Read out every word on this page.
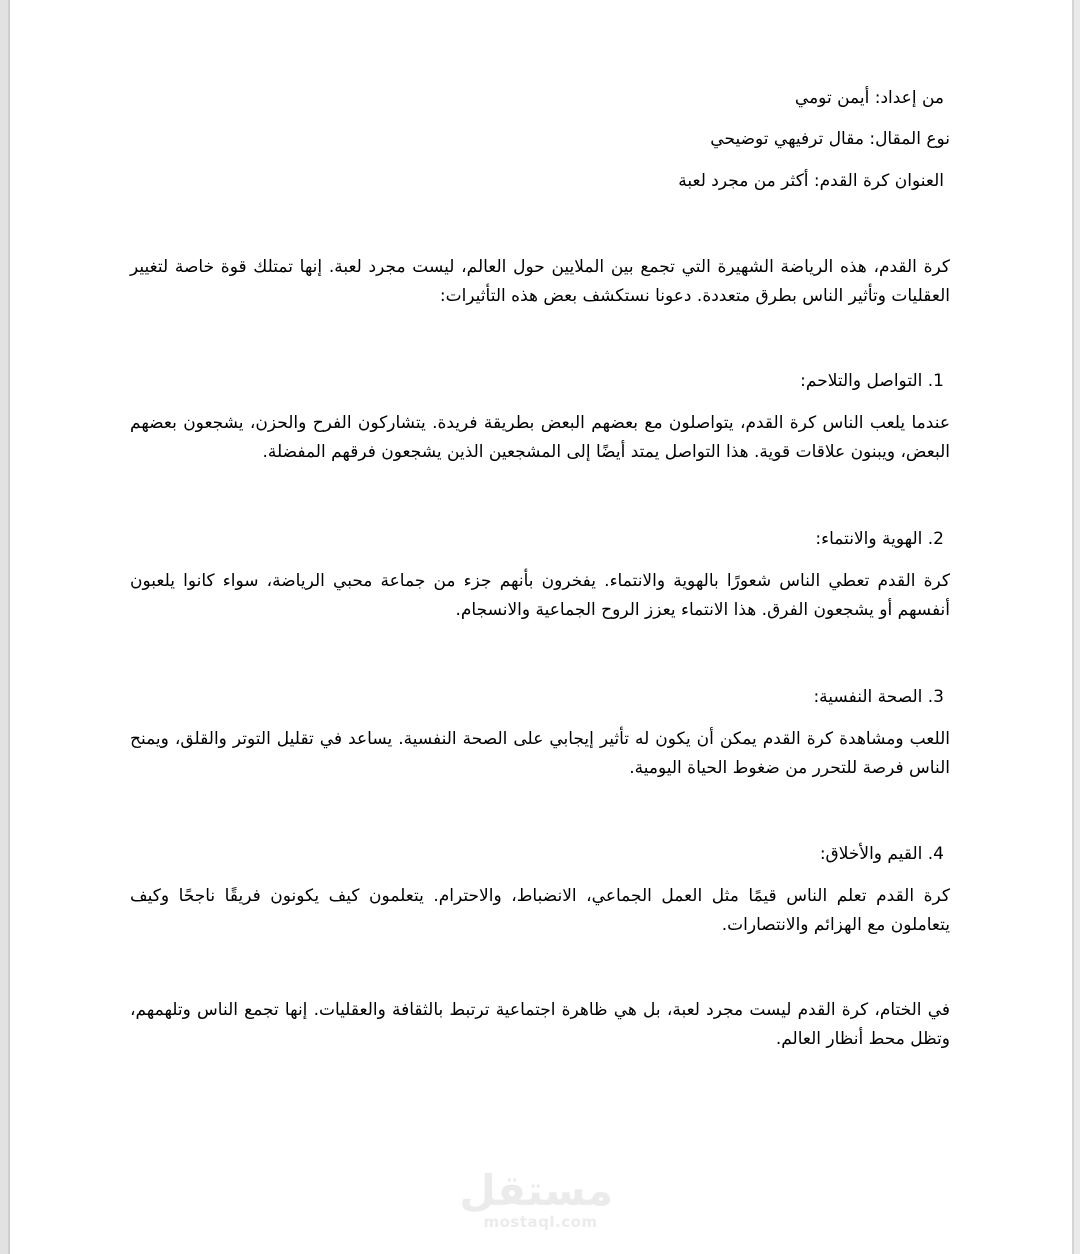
من إعداد: أيمن تومي
نوع المقال: مقال ترفيهي توضيحي
العنوان كرة القدم: أكثر من مجرد لعبة
كرة القدم، هذه الرياضة الشهيرة التي تجمع بين الملايين حول العالم، ليست مجرد لعبة. إنها تمتلك قوة خاصة لتغيير العقليات وتأثير الناس بطرق متعددة. دعونا نستكشف بعض هذه التأثيرات:
1. التواصل والتلاحم:
عندما يلعب الناس كرة القدم، يتواصلون مع بعضهم البعض بطريقة فريدة. يتشاركون الفرح والحزن، يشجعون بعضهم البعض، ويبنون علاقات قوية. هذا التواصل يمتد أيضًا إلى المشجعين الذين يشجعون فرقهم المفضلة.
2. الهوية والانتماء:
كرة القدم تعطي الناس شعورًا بالهوية والانتماء. يفخرون بأنهم جزء من جماعة محبي الرياضة، سواء كانوا يلعبون أنفسهم أو يشجعون الفرق. هذا الانتماء يعزز الروح الجماعية والانسجام.
3. الصحة النفسية:
اللعب ومشاهدة كرة القدم يمكن أن يكون له تأثير إيجابي على الصحة النفسية. يساعد في تقليل التوتر والقلق، ويمنح الناس فرصة للتحرر من ضغوط الحياة اليومية.
4. القيم والأخلاق:
كرة القدم تعلم الناس قيمًا مثل العمل الجماعي، الانضباط، والاحترام. يتعلمون كيف يكونون فريقًا ناجحًا وكيف يتعاملون مع الهزائم والانتصارات.
في الختام، كرة القدم ليست مجرد لعبة، بل هي ظاهرة اجتماعية ترتبط بالثقافة والعقليات. إنها تجمع الناس وتلهمهم، وتظل محط أنظار العالم.
مستقل
mostaql.com
